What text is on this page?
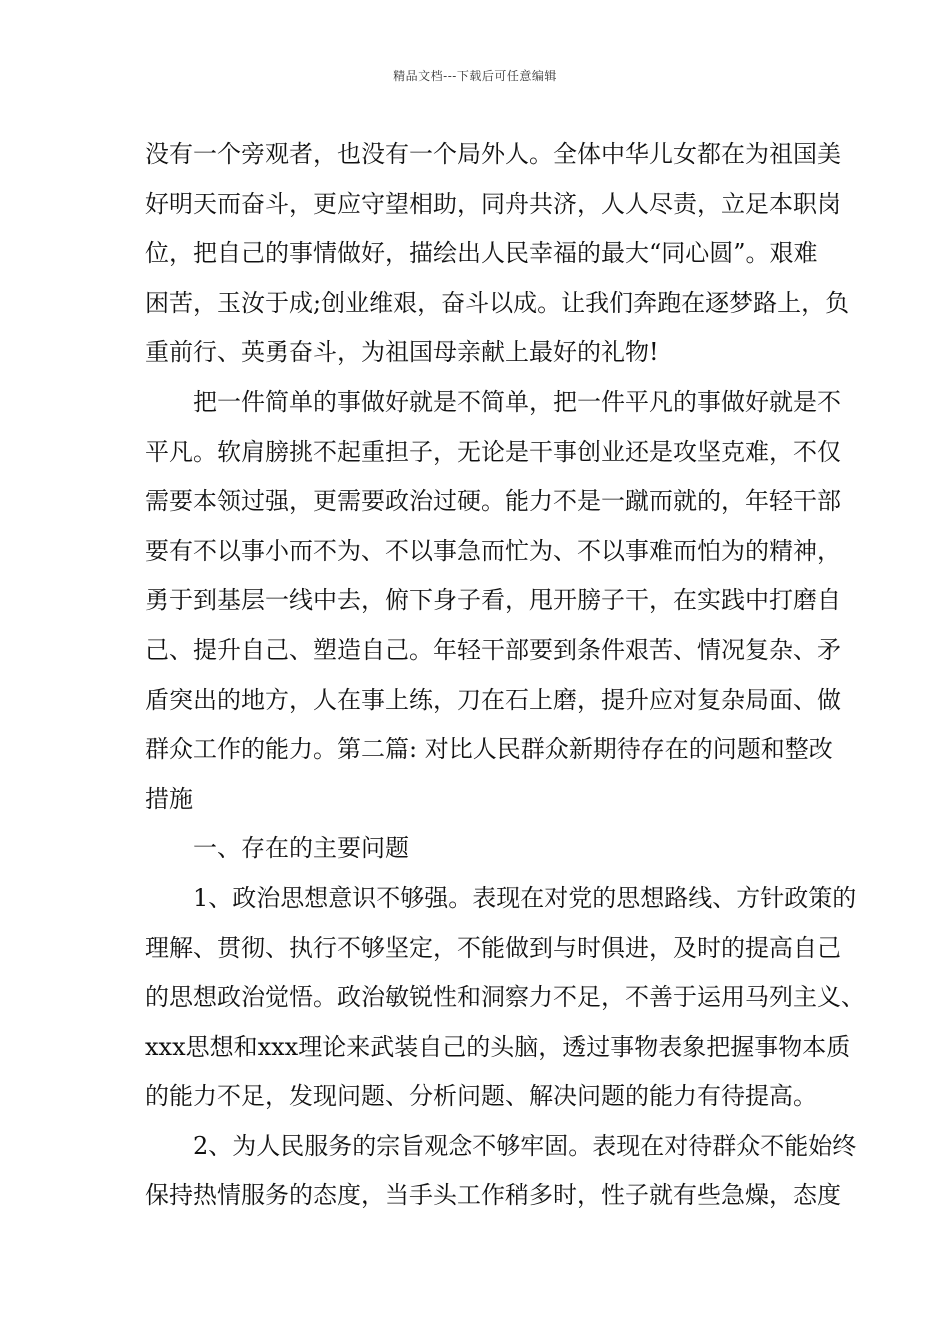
精品文档---下载后可任意编辑
没有一个旁观者，也没有一个局外人。全体中华儿女都在为祖国美
好明天而奋斗，更应守望相助，同舟共济，人人尽责，立足本职岗
位，把自己的事情做好，描绘出人民幸福的最大“同心圆”。艰难
困苦，玉汝于成;创业维艰，奋斗以成。让我们奔跑在逐梦路上，负
重前行、英勇奋斗，为祖国母亲献上最好的礼物!
把一件简单的事做好就是不简单，把一件平凡的事做好就是不
平凡。软肩膀挑不起重担子，无论是干事创业还是攻坚克难，不仅
需要本领过强，更需要政治过硬。能力不是一蹴而就的，年轻干部
要有不以事小而不为、不以事急而忙为、不以事难而怕为的精神，
勇于到基层一线中去，俯下身子看，甩开膀子干，在实践中打磨自
己、提升自己、塑造自己。年轻干部要到条件艰苦、情况复杂、矛
盾突出的地方，人在事上练，刀在石上磨，提升应对复杂局面、做
群众工作的能力。第二篇: 对比人民群众新期待存在的问题和整改
措施
一、存在的主要问题
1、政治思想意识不够强。表现在对党的思想路线、方针政策的
理解、贯彻、执行不够坚定，不能做到与时俱进，及时的提高自己
的思想政治觉悟。政治敏锐性和洞察力不足，不善于运用马列主义、
xxx思想和xxx理论来武装自己的头脑，透过事物表象把握事物本质
的能力不足，发现问题、分析问题、解决问题的能力有待提高。
2、为人民服务的宗旨观念不够牢固。表现在对待群众不能始终
保持热情服务的态度，当手头工作稍多时，性子就有些急燥，态度
